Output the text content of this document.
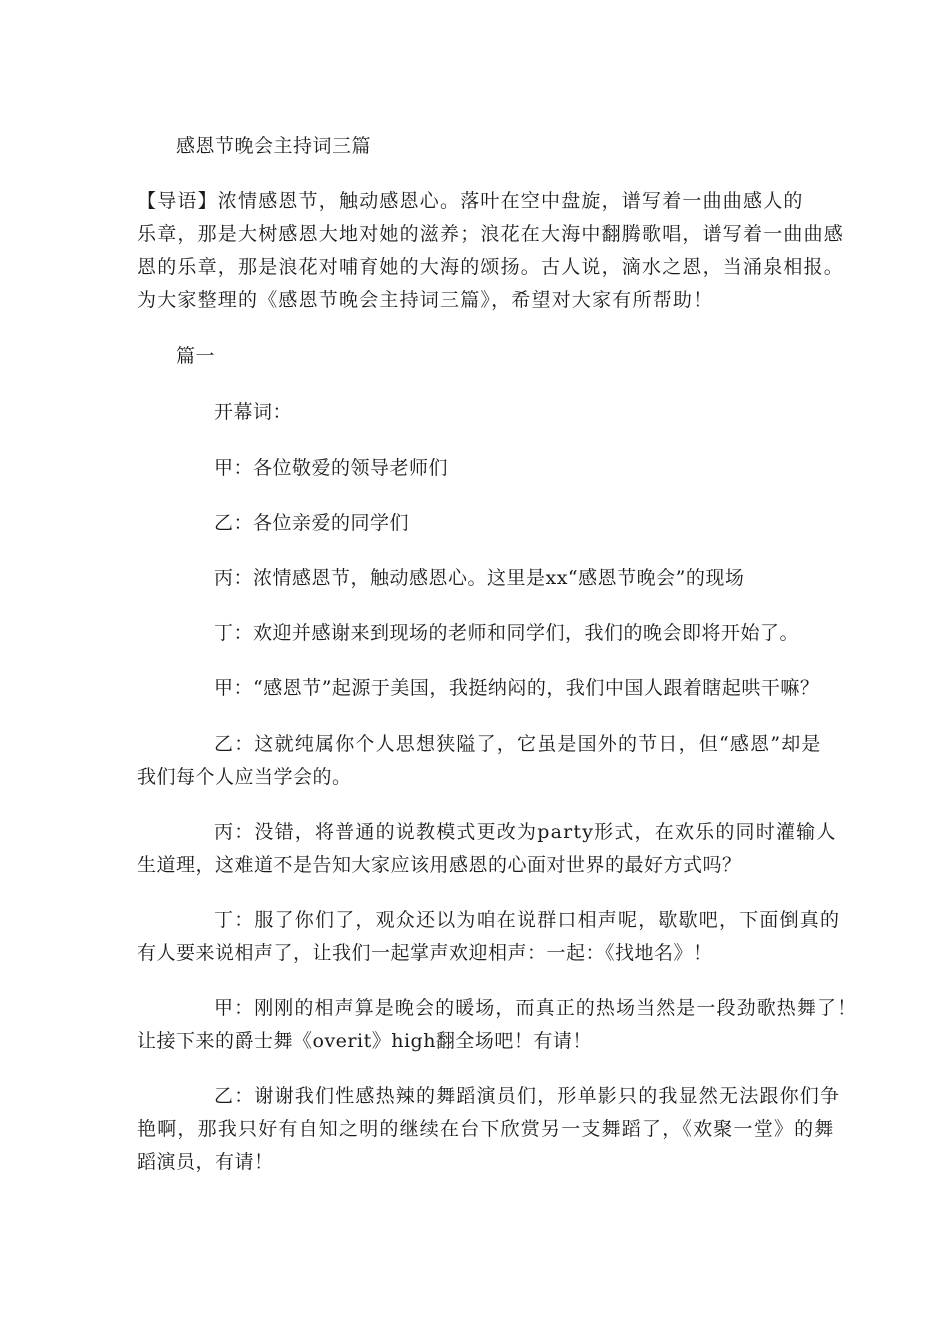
感恩节晚会主持词三篇
【导语】浓情感恩节，触动感恩心。落叶在空中盘旋，谱写着一曲曲感人的
乐章，那是大树感恩大地对她的滋养；浪花在大海中翻腾歌唱，谱写着一曲曲感
恩的乐章，那是浪花对哺育她的大海的颂扬。古人说，滴水之恩，当涌泉相报。
为大家整理的《感恩节晚会主持词三篇》，希望对大家有所帮助！
篇一
开幕词：
甲：各位敬爱的领导老师们
乙：各位亲爱的同学们
丙：浓情感恩节，触动感恩心。这里是xx“感恩节晚会”的现场
丁：欢迎并感谢来到现场的老师和同学们，我们的晚会即将开始了。
甲：“感恩节”起源于美国，我挺纳闷的，我们中国人跟着瞎起哄干嘛？
乙：这就纯属你个人思想狭隘了，它虽是国外的节日，但“感恩”却是
我们每个人应当学会的。
丙：没错，将普通的说教模式更改为party形式，在欢乐的同时灌输人
生道理，这难道不是告知大家应该用感恩的心面对世界的最好方式吗？
丁：服了你们了，观众还以为咱在说群口相声呢，歇歇吧，下面倒真的
有人要来说相声了，让我们一起掌声欢迎相声：一起：《找地名》！
甲：刚刚的相声算是晚会的暖场，而真正的热场当然是一段劲歌热舞了！
让接下来的爵士舞《overit》high翻全场吧！有请！
乙：谢谢我们性感热辣的舞蹈演员们，形单影只的我显然无法跟你们争
艳啊，那我只好有自知之明的继续在台下欣赏另一支舞蹈了，《欢聚一堂》的舞
蹈演员，有请！
